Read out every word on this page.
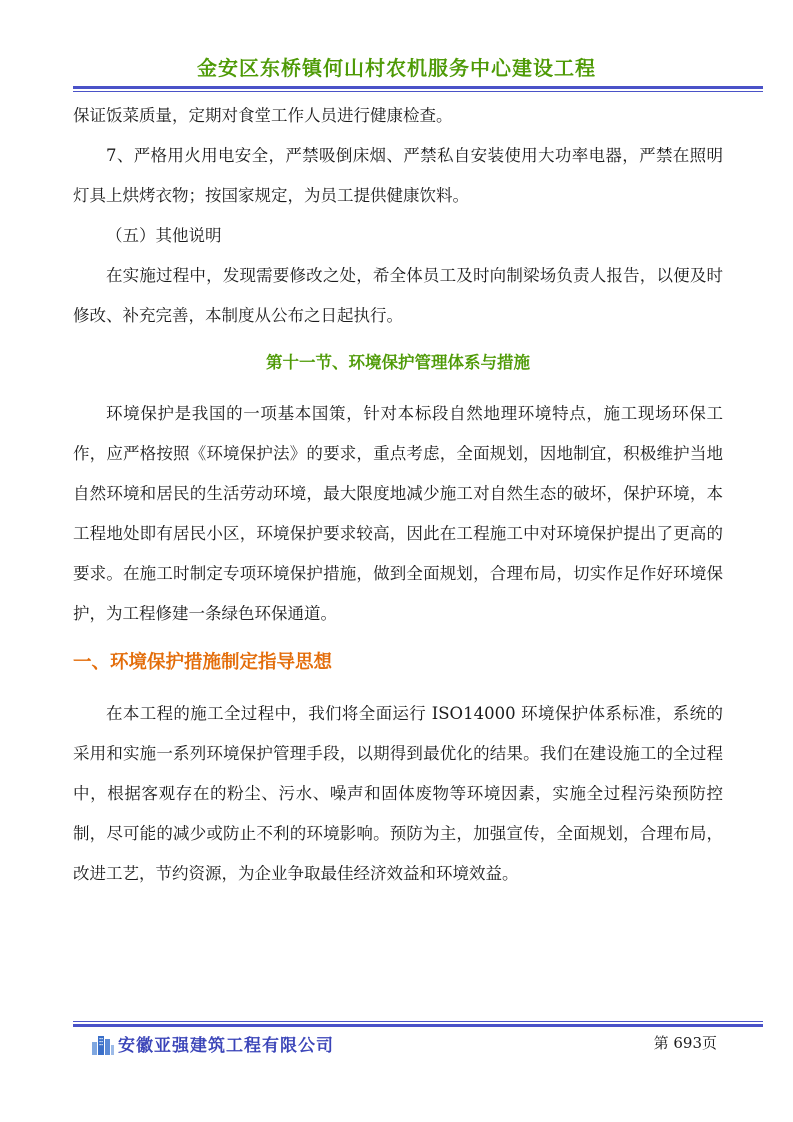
金安区东桥镇何山村农机服务中心建设工程

保证饭菜质量，定期对食堂工作人员进行健康检查。

7、严格用火用电安全，严禁吸倒床烟、严禁私自安装使用大功率电器，严禁在照明灯具上烘烤衣物；按国家规定，为员工提供健康饮料。

（五）其他说明

在实施过程中，发现需要修改之处，希全体员工及时向制梁场负责人报告，以便及时修改、补充完善，本制度从公布之日起执行。

第十一节、环境保护管理体系与措施

环境保护是我国的一项基本国策，针对本标段自然地理环境特点，施工现场环保工作，应严格按照《环境保护法》的要求，重点考虑，全面规划，因地制宜，积极维护当地自然环境和居民的生活劳动环境，最大限度地减少施工对自然生态的破坏，保护环境，本工程地处即有居民小区，环境保护要求较高，因此在工程施工中对环境保护提出了更高的要求。在施工时制定专项环境保护措施，做到全面规划，合理布局，切实作足作好环境保护，为工程修建一条绿色环保通道。

一、环境保护措施制定指导思想

在本工程的施工全过程中，我们将全面运行 ISO14000 环境保护体系标准，系统的采用和实施一系列环境保护管理手段，以期得到最优化的结果。我们在建设施工的全过程中，根据客观存在的粉尘、污水、噪声和固体废物等环境因素，实施全过程污染预防控制，尽可能的减少或防止不利的环境影响。预防为主，加强宣传，全面规划，合理布局，改进工艺，节约资源，为企业争取最佳经济效益和环境效益。

安徽亚强建筑工程有限公司	第 693页
